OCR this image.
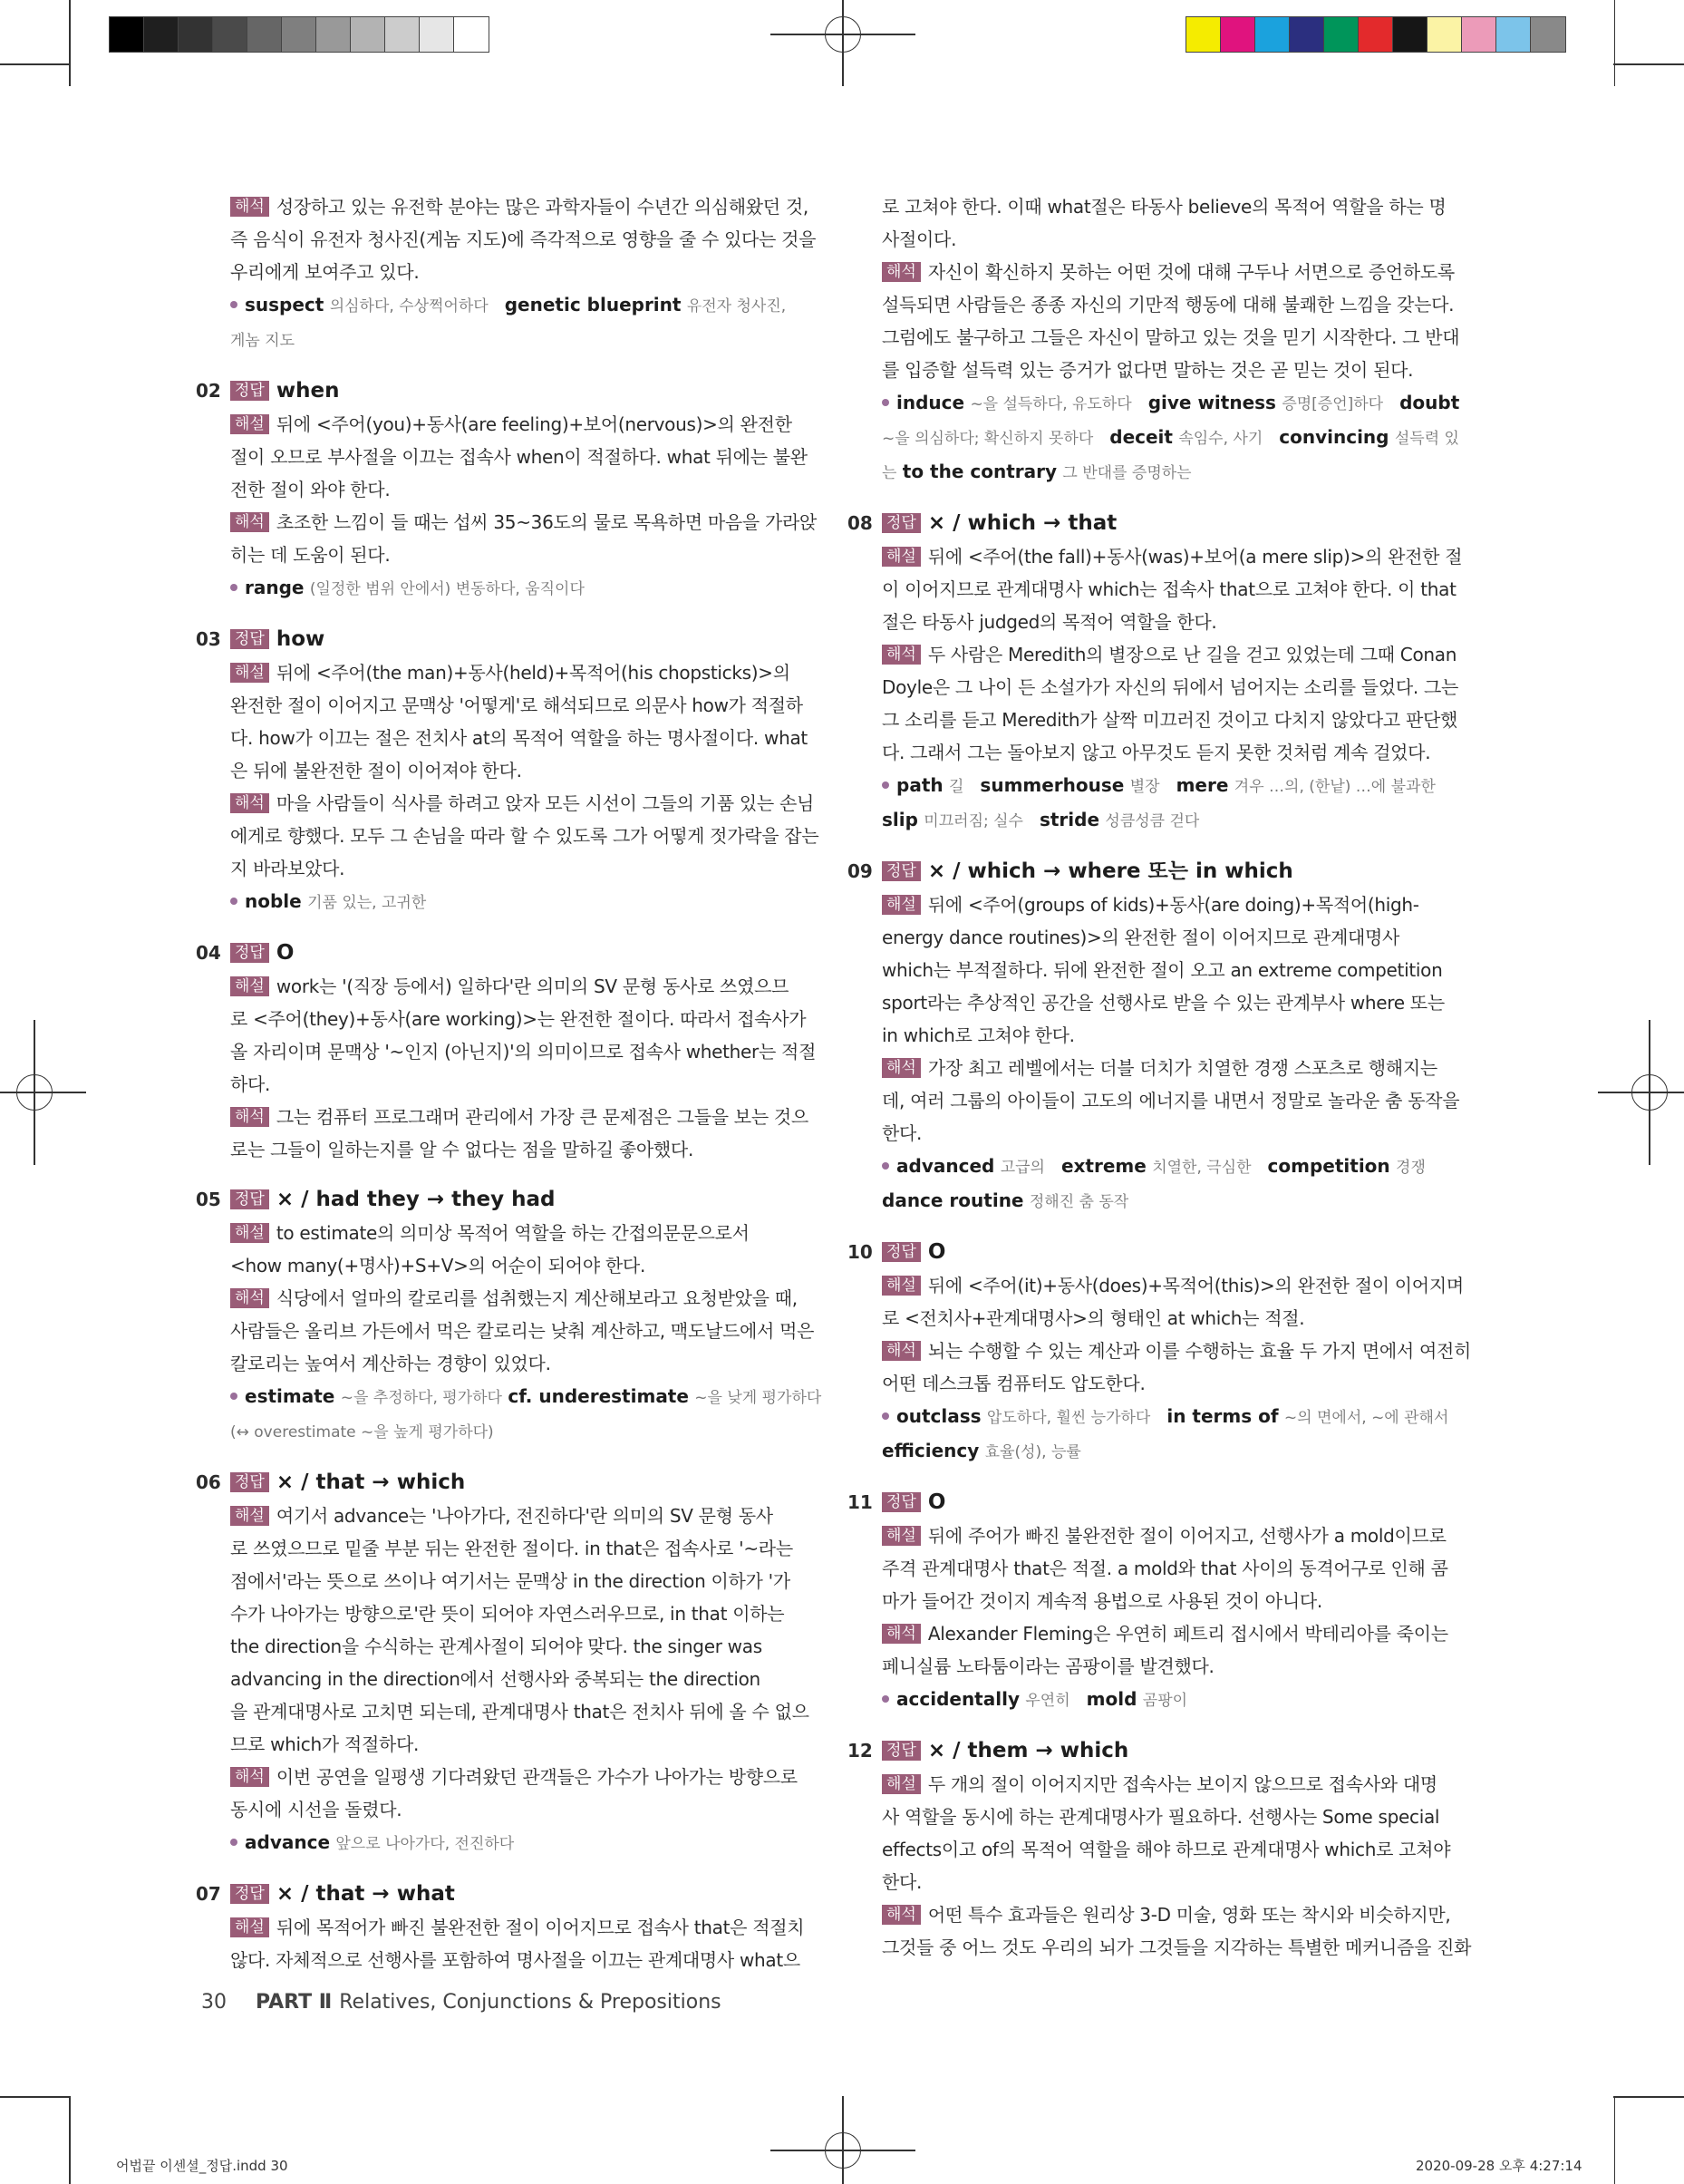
해석 성장하고 있는 유전학 분야는 많은 과학자들이 수년간 의심해왔던 것,

즉 음식이 유전자 청사진(게놈 지도)에 즉각적으로 영향을 줄 수 있다는 것을

우리에게 보여주고 있다.

suspect 의심하다, 수상쩍어하다 genetic blueprint 유전자 청사진,
게놈 지도
02 정답 when

해설 뒤에 <주어(you)+동사(are feeling)+보어(nervous)>의 완전한

절이 오므로 부사절을 이끄는 접속사 when이 적절하다. what 뒤에는 불완

전한 절이 와야 한다.

해석 초조한 느낌이 들 때는 섭씨 35~36도의 물로 목욕하면 마음을 가라앉

히는 데 도움이 된다.

range (일정한 범위 안에서) 변동하다, 움직이다
03 정답 how

해설 뒤에 <주어(the man)+동사(held)+목적어(his chopsticks)>의

완전한 절이 이어지고 문맥상 '어떻게'로 해석되므로 의문사 how가 적절하

다. how가 이끄는 절은 전치사 at의 목적어 역할을 하는 명사절이다. what

은 뒤에 불완전한 절이 이어져야 한다.

해석 마을 사람들이 식사를 하려고 앉자 모든 시선이 그들의 기품 있는 손님

에게로 향했다. 모두 그 손님을 따라 할 수 있도록 그가 어떻게 젓가락을 잡는

지 바라보았다.

noble 기품 있는, 고귀한
04 정답 O

해설 work는 '(직장 등에서) 일하다'란 의미의 SV 문형 동사로 쓰였으므

로 <주어(they)+동사(are working)>는 완전한 절이다. 따라서 접속사가

올 자리이며 문맥상 '~인지 (아닌지)'의 의미이므로 접속사 whether는 적절

하다.

해석 그는 컴퓨터 프로그래머 관리에서 가장 큰 문제점은 그들을 보는 것으

로는 그들이 일하는지를 알 수 없다는 점을 말하길 좋아했다.

05 정답 × / had they → they had

해설 to estimate의 의미상 목적어 역할을 하는 간접의문문으로서

<how many(+명사)+S+V>의 어순이 되어야 한다.

해석 식당에서 얼마의 칼로리를 섭취했는지 계산해보라고 요청받았을 때,

사람들은 올리브 가든에서 먹은 칼로리는 낮춰 계산하고, 맥도날드에서 먹은

칼로리는 높여서 계산하는 경향이 있었다.

estimate ~을 추정하다, 평가하다 cf. underestimate ~을 낮게 평가하다
(↔ overestimate ~을 높게 평가하다)
06 정답 × / that → which

해설 여기서 advance는 '나아가다, 전진하다'란 의미의 SV 문형 동사

로 쓰였으므로 밑줄 부분 뒤는 완전한 절이다. in that은 접속사로 '~라는

점에서'라는 뜻으로 쓰이나 여기서는 문맥상 in the direction 이하가 '가

수가 나아가는 방향으로'란 뜻이 되어야 자연스러우므로, in that 이하는

the direction을 수식하는 관계사절이 되어야 맞다. the singer was

advancing in the direction에서 선행사와 중복되는 the direction

을 관계대명사로 고치면 되는데, 관계대명사 that은 전치사 뒤에 올 수 없으

므로 which가 적절하다.

해석 이번 공연을 일평생 기다려왔던 관객들은 가수가 나아가는 방향으로

동시에 시선을 돌렸다.

advance 앞으로 나아가다, 전진하다
07 정답 × / that → what

해설 뒤에 목적어가 빠진 불완전한 절이 이어지므로 접속사 that은 적절치

않다. 자체적으로 선행사를 포함하여 명사절을 이끄는 관계대명사 what으

로 고쳐야 한다. 이때 what절은 타동사 believe의 목적어 역할을 하는 명

사절이다.

해석 자신이 확신하지 못하는 어떤 것에 대해 구두나 서면으로 증언하도록

설득되면 사람들은 종종 자신의 기만적 행동에 대해 불쾌한 느낌을 갖는다.

그럼에도 불구하고 그들은 자신이 말하고 있는 것을 믿기 시작한다. 그 반대

를 입증할 설득력 있는 증거가 없다면 말하는 것은 곧 믿는 것이 된다.

induce ~을 설득하다, 유도하다 give witness 증명[증언]하다 doubt
~을 의심하다; 확신하지 못하다 deceit 속임수, 사기 convincing 설득력 있
는 to the contrary 그 반대를 증명하는
08 정답 × / which → that

해설 뒤에 <주어(the fall)+동사(was)+보어(a mere slip)>의 완전한 절

이 이어지므로 관계대명사 which는 접속사 that으로 고쳐야 한다. 이 that

절은 타동사 judged의 목적어 역할을 한다.

해석 두 사람은 Meredith의 별장으로 난 길을 걷고 있었는데 그때 Conan

Doyle은 그 나이 든 소설가가 자신의 뒤에서 넘어지는 소리를 들었다. 그는

그 소리를 듣고 Meredith가 살짝 미끄러진 것이고 다치지 않았다고 판단했

다. 그래서 그는 돌아보지 않고 아무것도 듣지 못한 것처럼 계속 걸었다.

path 길 summerhouse 별장 mere 겨우 …의, (한낱) …에 불과한
slip 미끄러짐; 실수 stride 성큼성큼 걷다
09 정답 × / which → where 또는 in which

해설 뒤에 <주어(groups of kids)+동사(are doing)+목적어(high-

energy dance routines)>의 완전한 절이 이어지므로 관계대명사

which는 부적절하다. 뒤에 완전한 절이 오고 an extreme competition

sport라는 추상적인 공간을 선행사로 받을 수 있는 관계부사 where 또는

in which로 고쳐야 한다.

해석 가장 최고 레벨에서는 더블 더치가 치열한 경쟁 스포츠로 행해지는

데, 여러 그룹의 아이들이 고도의 에너지를 내면서 정말로 놀라운 춤 동작을

한다.

advanced 고급의 extreme 치열한, 극심한 competition 경쟁
dance routine 정해진 춤 동작
10 정답 O

해설 뒤에 <주어(it)+동사(does)+목적어(this)>의 완전한 절이 이어지며

로 <전치사+관계대명사>의 형태인 at which는 적절.

해석 뇌는 수행할 수 있는 계산과 이를 수행하는 효율 두 가지 면에서 여전히

어떤 데스크톱 컴퓨터도 압도한다.

outclass 압도하다, 훨씬 능가하다 in terms of ~의 면에서, ~에 관해서
efficiency 효율(성), 능률
11 정답 O

해설 뒤에 주어가 빠진 불완전한 절이 이어지고, 선행사가 a mold이므로

주격 관계대명사 that은 적절. a mold와 that 사이의 동격어구로 인해 콤

마가 들어간 것이지 계속적 용법으로 사용된 것이 아니다.

해석 Alexander Fleming은 우연히 페트리 접시에서 박테리아를 죽이는

페니실륨 노타툼이라는 곰팡이를 발견했다.

accidentally 우연히 mold 곰팡이
12 정답 × / them → which

해설 두 개의 절이 이어지지만 접속사는 보이지 않으므로 접속사와 대명

사 역할을 동시에 하는 관계대명사가 필요하다. 선행사는 Some special

effects이고 of의 목적어 역할을 해야 하므로 관계대명사 which로 고쳐야

한다.

해석 어떤 특수 효과들은 원리상 3-D 미술, 영화 또는 착시와 비슷하지만,

그것들 중 어느 것도 우리의 뇌가 그것들을 지각하는 특별한 메커니즘을 진화

30 PART Ⅱ Relatives, Conjunctions & Prepositions
어법끝 이센셜_정답.indd 30	2020-09-28 오후 4:27:14
